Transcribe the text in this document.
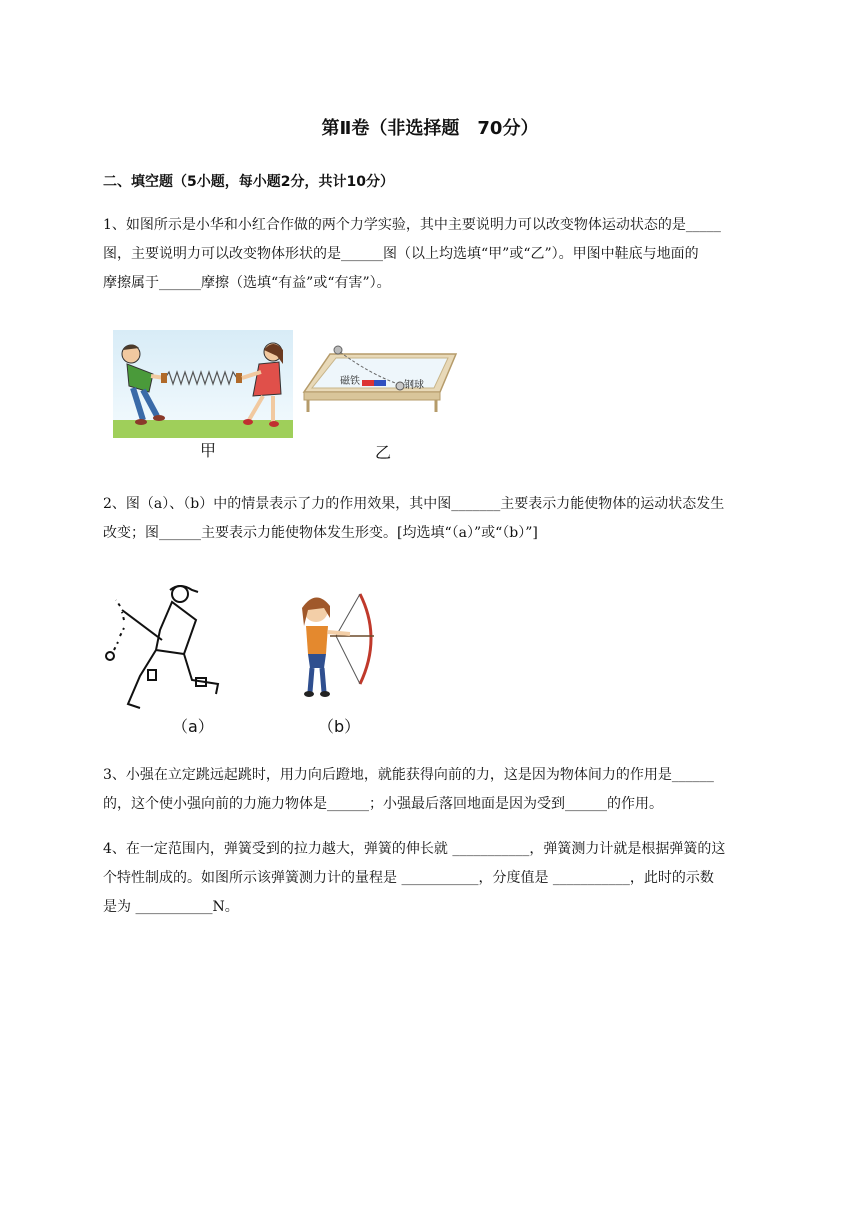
第Ⅱ卷（非选择题　70分）
二、填空题（5小题，每小题2分，共计10分）
1、如图所示是小华和小红合作做的两个力学实验，其中主要说明力可以改变物体运动状态的是_____
图，主要说明力可以改变物体形状的是______图（以上均选填“甲”或“乙”）。甲图中鞋底与地面的
摩擦属于______摩擦（选填“有益”或“有害”）。
甲
磁铁	钢球
乙
2、图（a）、（b）中的情景表示了力的作用效果，其中图_______主要表示力能使物体的运动状态发生
改变；图______主要表示力能使物体发生形变。[均选填“（a）”或“（b）”]
（a）	（b）
3、小强在立定跳远起跳时，用力向后蹬地，就能获得向前的力，这是因为物体间力的作用是______
的，这个使小强向前的力施力物体是______；小强最后落回地面是因为受到______的作用。
4、在一定范围内，弹簧受到的拉力越大，弹簧的伸长就 ___________，弹簧测力计就是根据弹簧的这
个特性制成的。如图所示该弹簧测力计的量程是 ___________，分度值是 ___________，此时的示数
是为 ___________N。
